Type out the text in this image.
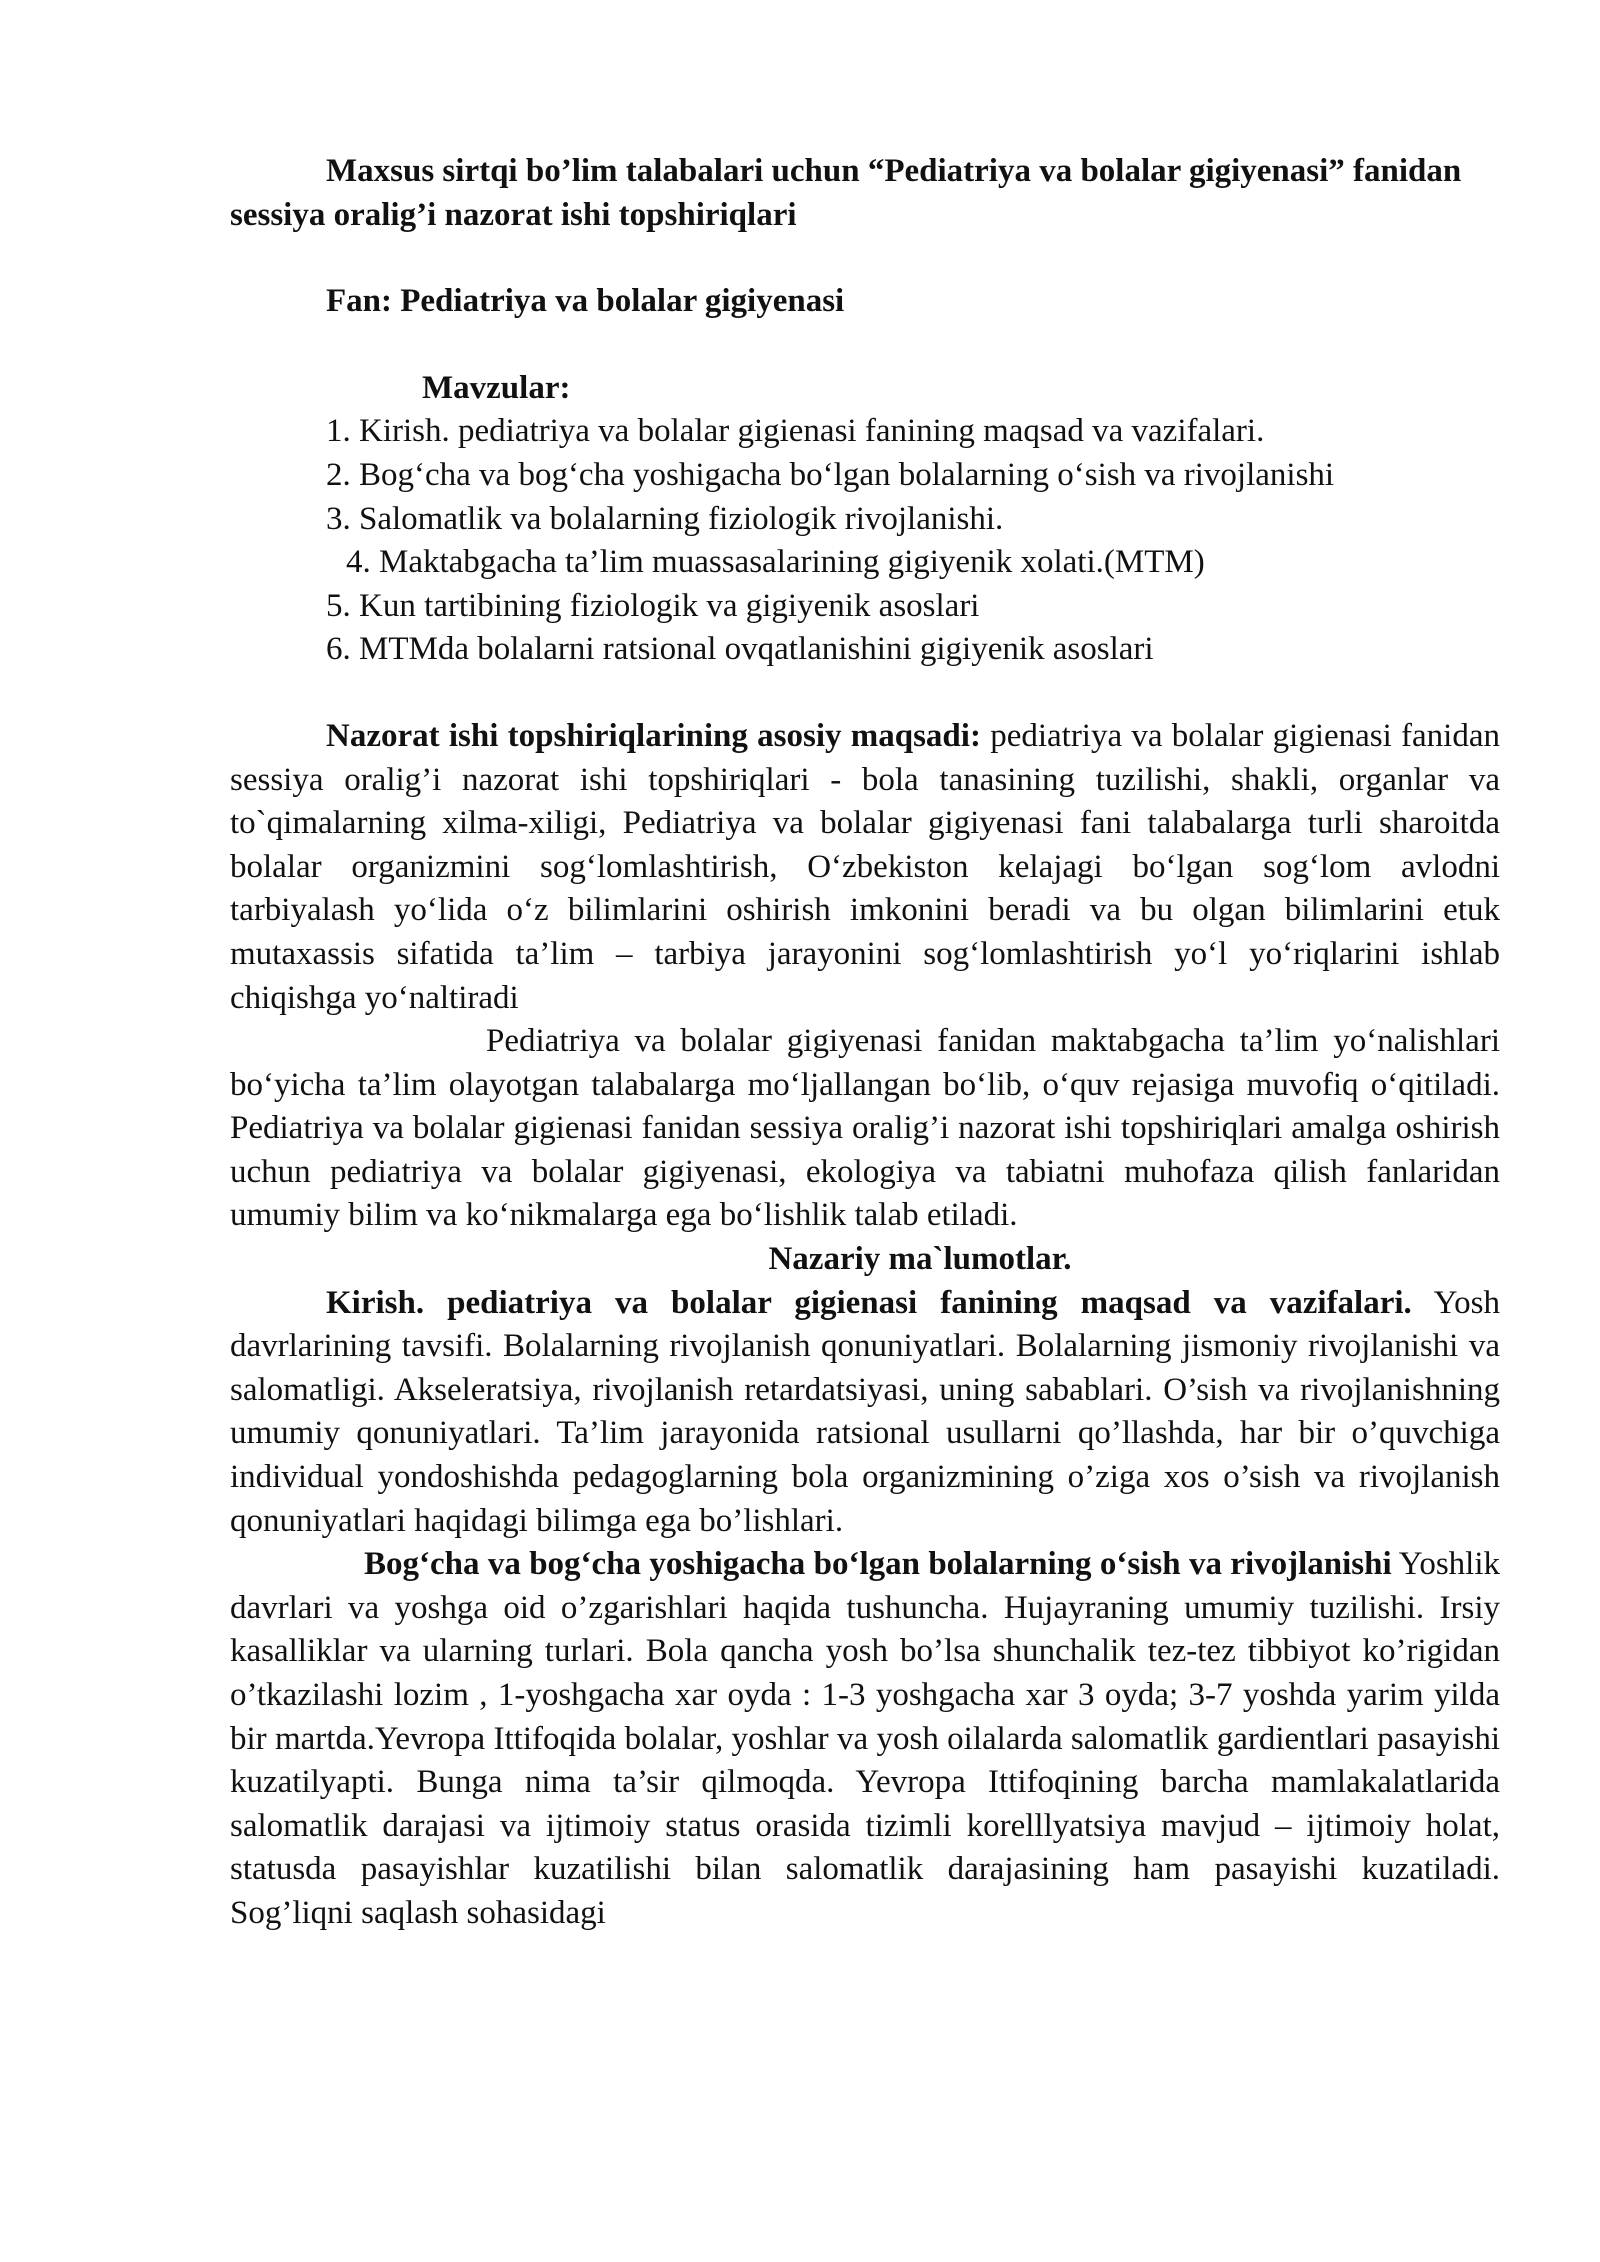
Maxsus sirtqi bo’lim talabalari uchun “Pediatriya va bolalar gigiyenasi” fanidan sessiya oralig’i nazorat ishi topshiriqlari

Fan: Pediatriya va bolalar gigiyenasi

Mavzular:

1. Kirish. pediatriya va bolalar gigienasi fanining maqsad va vazifalari.
2. Bog‘cha va bog‘cha yoshigacha bo‘lgan bolalarning o‘sish va rivojlanishi
3. Salomatlik va bolalarning fiziologik rivojlanishi.
4. Maktabgacha ta’lim muassasalarining gigiyenik xolati.(MTM)
5. Kun tartibining fiziologik va gigiyenik asoslari
6. MTMda bolalarni ratsional ovqatlanishini gigiyenik asoslari

Nazorat ishi topshiriqlarining asosiy maqsadi: pediatriya va bolalar gigienasi fanidan sessiya oralig’i nazorat ishi topshiriqlari - bola tanasining tuzilishi, shakli, organlar va to`qimalarning xilma-xiligi, Pediatriya va bolalar gigiyenasi fani talabalarga turli sharoitda bolalar organizmini sog‘lomlashtirish, O‘zbekiston kelajagi bo‘lgan sog‘lom avlodni tarbiyalash yo‘lida o‘z bilimlarini oshirish imkonini beradi va bu olgan bilimlarini etuk mutaxassis sifatida ta’lim – tarbiya jarayonini sog‘lomlashtirish yo‘l yo‘riqlarini ishlab chiqishga yo‘naltiradi

Pediatriya va bolalar gigiyenasi fanidan maktabgacha ta’lim yo‘nalishlari bo‘yicha ta’lim olayotgan talabalarga mo‘ljallangan bo‘lib, o‘quv rejasiga muvofiq o‘qitiladi. Pediatriya va bolalar gigienasi fanidan sessiya oralig’i nazorat ishi topshiriqlari amalga oshirish uchun pediatriya va bolalar gigiyenasi, ekologiya va tabiatni muhofaza qilish fanlaridan umumiy bilim va ko‘nikmalarga ega bo‘lishlik talab etiladi.

Nazariy ma`lumotlar.

Kirish. pediatriya va bolalar gigienasi fanining maqsad va vazifalari. Yosh davrlarining tavsifi. Bolalarning rivojlanish qonuniyatlari. Bolalarning jismoniy rivojlanishi va salomatligi. Akseleratsiya, rivojlanish retardatsiyasi, uning sabablari. O’sish va rivojlanishning umumiy qonuniyatlari. Ta’lim jarayonida ratsional usullarni qo’llashda, har bir o’quvchiga individual yondoshishda pedagoglarning bola organizmining o’ziga xos o’sish va rivojlanish qonuniyatlari haqidagi bilimga ega bo’lishlari.

Bog‘cha va bog‘cha yoshigacha bo‘lgan bolalarning o‘sish va rivojlanishi Yoshlik davrlari va yoshga oid o’zgarishlari haqida tushuncha. Hujayraning umumiy tuzilishi. Irsiy kasalliklar va ularning turlari. Bola qancha yosh bo’lsa shunchalik tez-tez tibbiyot ko’rigidan o’tkazilashi lozim , 1-yoshgacha xar oyda : 1-3 yoshgacha xar 3 oyda; 3-7 yoshda yarim yilda bir martda.Yevropa Ittifoqida bolalar, yoshlar va yosh oilalarda salomatlik gardientlari pasayishi kuzatilyapti. Bunga nima ta’sir qilmoqda. Yevropa Ittifoqining barcha mamlakalatlarida salomatlik darajasi va ijtimoiy status orasida tizimli korelllyatsiya mavjud – ijtimoiy holat, statusda pasayishlar kuzatilishi bilan salomatlik darajasining ham pasayishi kuzatiladi. Sog’liqni saqlash sohasidagi
